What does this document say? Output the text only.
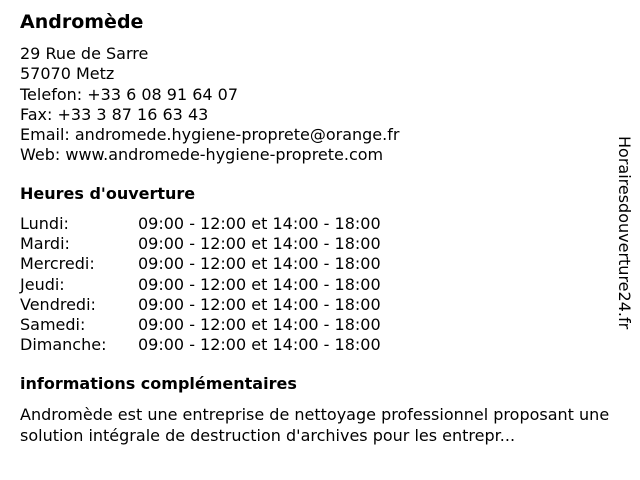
Andromède
29 Rue de Sarre
57070 Metz
Telefon: +33 6 08 91 64 07
Fax: +33 3 87 16 63 43
Email: andromede.hygiene-proprete@orange.fr
Web: www.andromede-hygiene-proprete.com
Heures d'ouverture
Lundi:	09:00 - 12:00 et 14:00 - 18:00
Mardi:	09:00 - 12:00 et 14:00 - 18:00
Mercredi:	09:00 - 12:00 et 14:00 - 18:00
Jeudi:	09:00 - 12:00 et 14:00 - 18:00
Vendredi:	09:00 - 12:00 et 14:00 - 18:00
Samedi:	09:00 - 12:00 et 14:00 - 18:00
Dimanche: 09:00 - 12:00 et 14:00 - 18:00
informations complémentaires

Andromède est une entreprise de nettoyage professionnel proposant une solution intégrale de destruction d'archives pour les entrepr...

Horairesdouverture24.fr
